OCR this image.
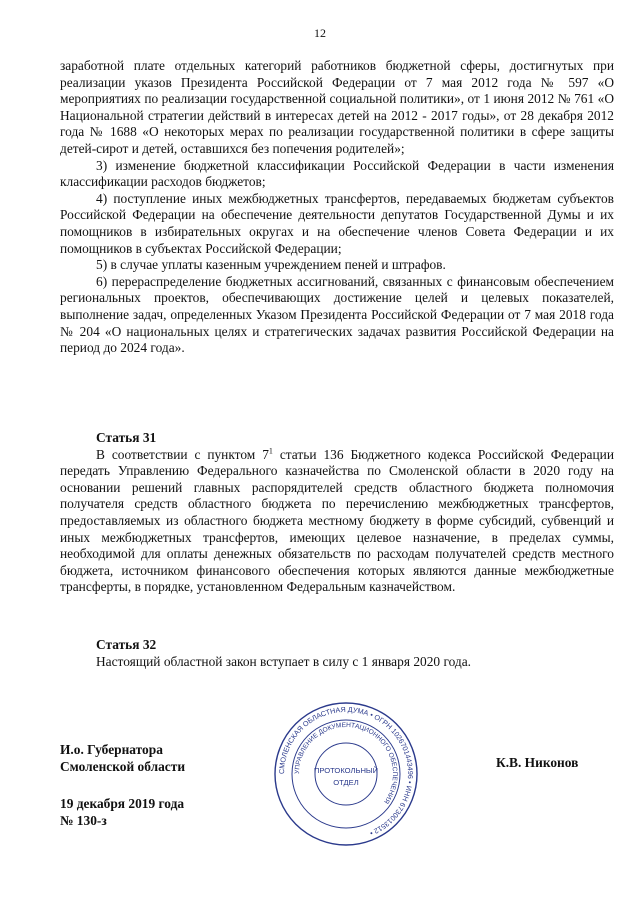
12

заработной плате отдельных категорий работников бюджетной сферы, достигнутых при реализации указов Президента Российской Федерации от 7 мая 2012 года № 597 «О мероприятиях по реализации государственной социальной политики», от 1 июня 2012 № 761 «О Национальной стратегии действий в интересах детей на 2012 - 2017 годы», от 28 декабря 2012 года № 1688 «О некоторых мерах по реализации государственной политики в сфере защиты детей-сирот и детей, оставшихся без попечения родителей»;

3) изменение бюджетной классификации Российской Федерации в части изменения классификации расходов бюджетов;

4) поступление иных межбюджетных трансфертов, передаваемых бюджетам субъектов Российской Федерации на обеспечение деятельности депутатов Государственной Думы и их помощников в избирательных округах и на обеспечение членов Совета Федерации и их помощников в субъектах Российской Федерации;

5) в случае уплаты казенным учреждением пеней и штрафов.

6) перераспределение бюджетных ассигнований, связанных с финансовым обеспечением региональных проектов, обеспечивающих достижение целей и целевых показателей, выполнение задач, определенных Указом Президента Российской Федерации от 7 мая 2018 года № 204 «О национальных целях и стратегических задачах развития Российской Федерации на период до 2024 года».

Статья 31

В соответствии с пунктом $7^1$ статьи 136 Бюджетного кодекса Российской Федерации передать Управлению Федерального казначейства по Смоленской области в 2020 году на основании решений главных распорядителей средств областного бюджета полномочия получателя средств областного бюджета по перечислению межбюджетных трансфертов, предоставляемых из областного бюджета местному бюджету в форме субсидий, субвенций и иных межбюджетных трансфертов, имеющих целевое назначение, в пределах суммы, необходимой для оплаты денежных обязательств по расходам получателей средств местного бюджета, источником финансового обеспечения которых являются данные межбюджетные трансферты, в порядке, установленном Федеральным казначейством.

Статья 32

Настоящий областной закон вступает в силу с 1 января 2020 года.

И.о. Губернатора
Смоленской области
19 декабря 2019 года
№ 130-з
К.В. Никонов
СМОЛЕНСКАЯ ОБЛАСТНАЯ ДУМА • ОГРН 1026701443496 • ИНН 6730013512 •
УПРАВЛЕНИЕ ДОКУМЕНТАЦИОННОГО ОБЕСПЕЧЕНИЯ
ПРОТОКОЛЬНЫЙ
ОТДЕЛ
